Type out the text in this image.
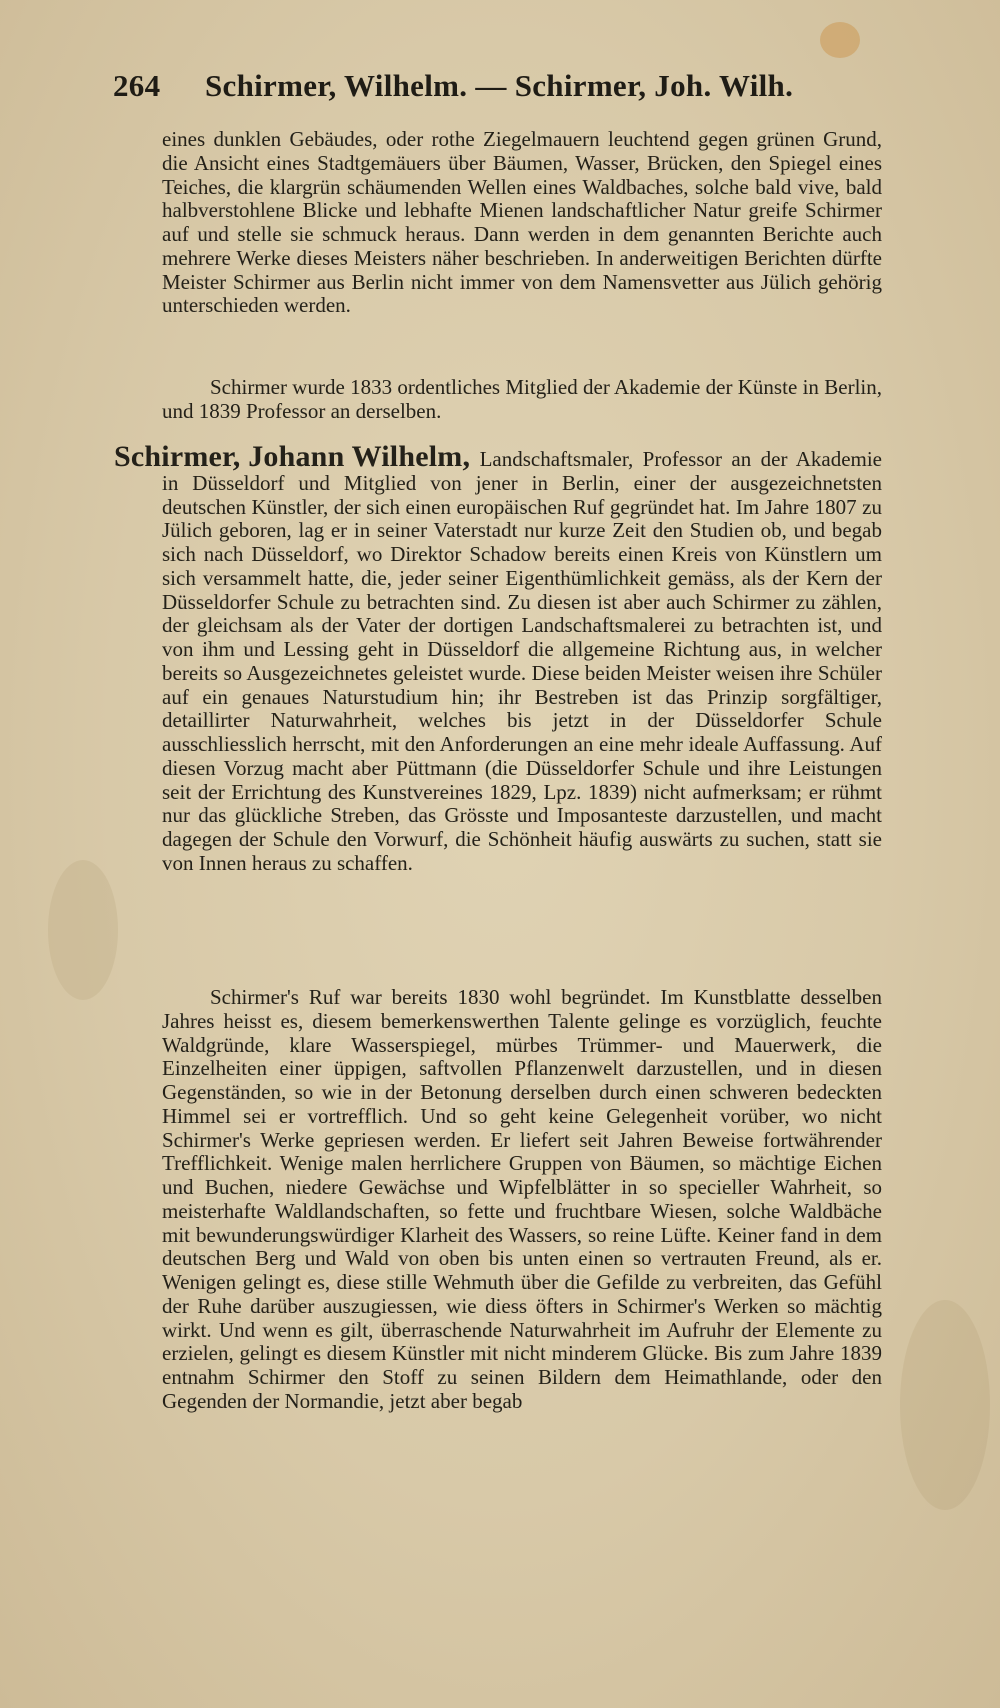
264 Schirmer, Wilhelm. — Schirmer, Joh. Wilh.

eines dunklen Gebäudes, oder rothe Ziegelmauern leuchtend gegen grünen Grund, die Ansicht eines Stadtgemäuers über Bäumen, Wasser, Brücken, den Spiegel eines Teiches, die klargrün schäumenden Wellen eines Waldbaches, solche bald vive, bald halbverstohlene Blicke und lebhafte Mienen landschaftlicher Natur greife Schirmer auf und stelle sie schmuck heraus. Dann werden in dem genannten Berichte auch mehrere Werke dieses Meisters näher beschrieben. In anderweitigen Berichten dürfte Meister Schirmer aus Berlin nicht immer von dem Namensvetter aus Jülich gehörig unterschieden werden.

Schirmer wurde 1833 ordentliches Mitglied der Akademie der Künste in Berlin, und 1839 Professor an derselben.

Schirmer, Johann Wilhelm, Landschaftsmaler, Professor an der Akademie in Düsseldorf und Mitglied von jener in Berlin, einer der ausgezeichnetsten deutschen Künstler, der sich einen europäischen Ruf gegründet hat. Im Jahre 1807 zu Jülich geboren, lag er in seiner Vaterstadt nur kurze Zeit den Studien ob, und begab sich nach Düsseldorf, wo Direktor Schadow bereits einen Kreis von Künstlern um sich versammelt hatte, die, jeder seiner Eigenthümlichkeit gemäss, als der Kern der Düsseldorfer Schule zu betrachten sind. Zu diesen ist aber auch Schirmer zu zählen, der gleichsam als der Vater der dortigen Landschaftsmalerei zu betrachten ist, und von ihm und Lessing geht in Düsseldorf die allgemeine Richtung aus, in welcher bereits so Ausgezeichnetes geleistet wurde. Diese beiden Meister weisen ihre Schüler auf ein genaues Naturstudium hin; ihr Bestreben ist das Prinzip sorgfältiger, detaillirter Naturwahrheit, welches bis jetzt in der Düsseldorfer Schule ausschliesslich herrscht, mit den Anforderungen an eine mehr ideale Auffassung. Auf diesen Vorzug macht aber Püttmann (die Düsseldorfer Schule und ihre Leistungen seit der Errichtung des Kunstvereines 1829, Lpz. 1839) nicht aufmerksam; er rühmt nur das glückliche Streben, das Grösste und Imposanteste darzustellen, und macht dagegen der Schule den Vorwurf, die Schönheit häufig auswärts zu suchen, statt sie von Innen heraus zu schaffen.

Schirmer's Ruf war bereits 1830 wohl begründet. Im Kunstblatte desselben Jahres heisst es, diesem bemerkenswerthen Talente gelinge es vorzüglich, feuchte Waldgründe, klare Wasserspiegel, mürbes Trümmer- und Mauerwerk, die Einzelheiten einer üppigen, saftvollen Pflanzenwelt darzustellen, und in diesen Gegenständen, so wie in der Betonung derselben durch einen schweren bedeckten Himmel sei er vortrefflich. Und so geht keine Gelegenheit vorüber, wo nicht Schirmer's Werke gepriesen werden. Er liefert seit Jahren Beweise fortwährender Trefflichkeit. Wenige malen herrlichere Gruppen von Bäumen, so mächtige Eichen und Buchen, niedere Gewächse und Wipfelblätter in so specieller Wahrheit, so meisterhafte Waldlandschaften, so fette und fruchtbare Wiesen, solche Waldbäche mit bewunderungswürdiger Klarheit des Wassers, so reine Lüfte. Keiner fand in dem deutschen Berg und Wald von oben bis unten einen so vertrauten Freund, als er. Wenigen gelingt es, diese stille Wehmuth über die Gefilde zu verbreiten, das Gefühl der Ruhe darüber auszugiessen, wie diess öfters in Schirmer's Werken so mächtig wirkt. Und wenn es gilt, überraschende Naturwahrheit im Aufruhr der Elemente zu erzielen, gelingt es diesem Künstler mit nicht minderem Glücke. Bis zum Jahre 1839 entnahm Schirmer den Stoff zu seinen Bildern dem Heimathlande, oder den Gegenden der Normandie, jetzt aber begab
